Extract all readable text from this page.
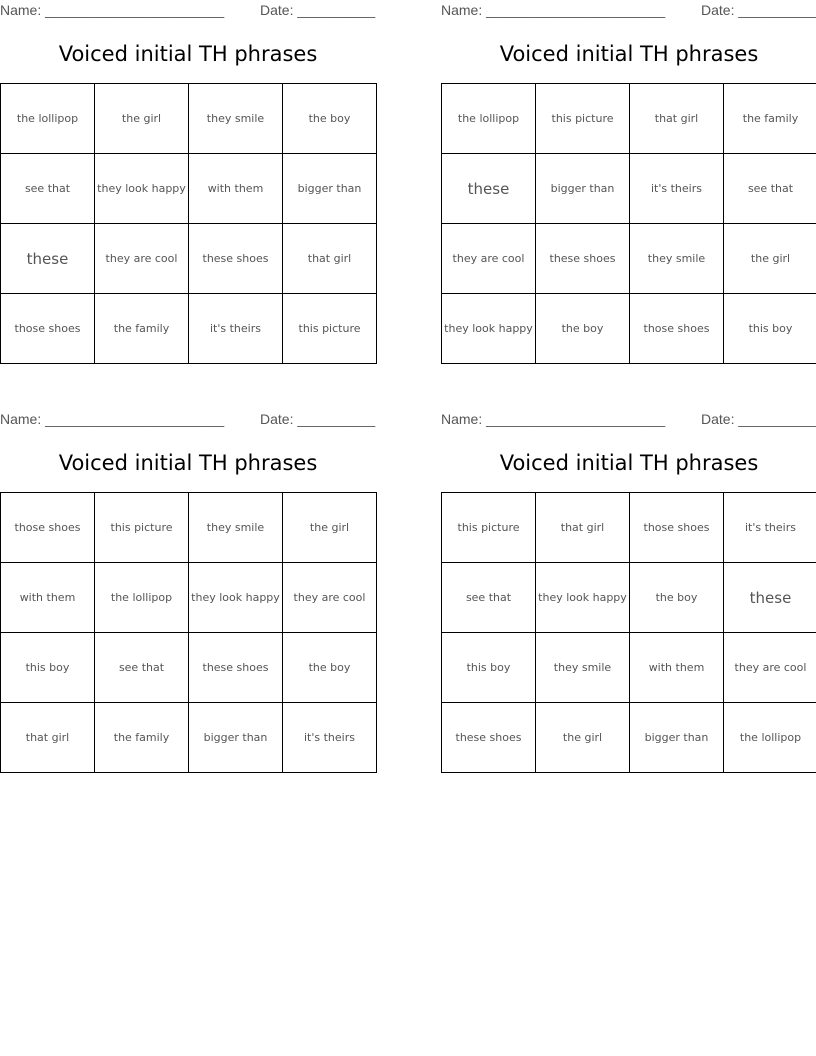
Name: _______________________	Date: __________
Voiced initial TH phrases
the lollipop	the girl	they smile	the boy
see that	they look happy	with them	bigger than
these	they are cool	these shoes	that girl
those shoes	the family	it's theirs	this picture
Name: _______________________	Date: __________
Voiced initial TH phrases
the lollipop	this picture	that girl	the family
these	bigger than	it's theirs	see that
they are cool	these shoes	they smile	the girl
they look happy	the boy	those shoes	this boy
Name: _______________________	Date: __________
Voiced initial TH phrases
those shoes	this picture	they smile	the girl
with them	the lollipop	they look happy	they are cool
this boy	see that	these shoes	the boy
that girl	the family	bigger than	it's theirs
Name: _______________________	Date: __________
Voiced initial TH phrases
this picture	that girl	those shoes	it's theirs
see that	they look happy	the boy	these
this boy	they smile	with them	they are cool
these shoes	the girl	bigger than	the lollipop
